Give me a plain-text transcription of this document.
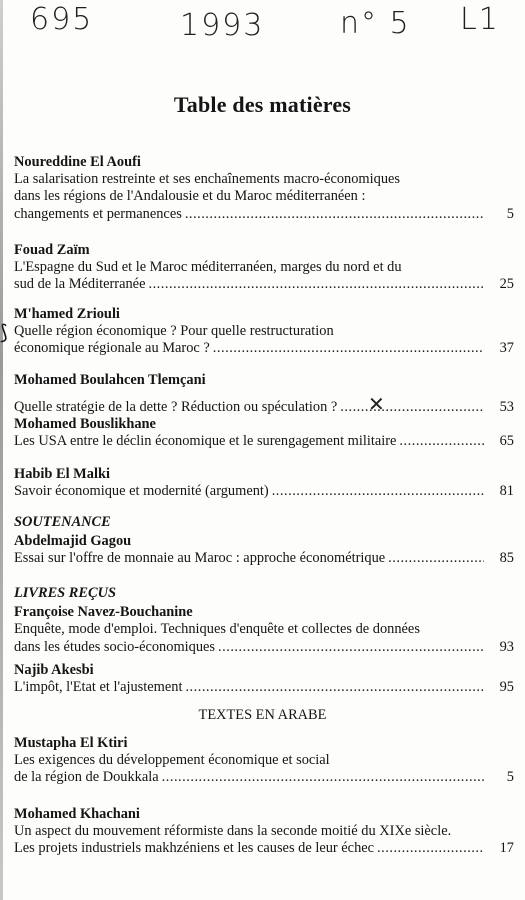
695	1993	n° 5 L1
⟆
Table des matières
Noureddine El Aoufi
La salarisation restreinte et ses enchaînements macro-économiques
dans les régions de l'Andalousie et du Maroc méditerranéen :
changements et permanences .....	5
Fouad Zaïm
L'Espagne du Sud et le Maroc méditerranéen, marges du nord et du
sud de la Méditerranée .....	25
M'hamed Zriouli
Quelle région économique ? Pour quelle restructuration
économique régionale au Maroc ? .....	37
Mohamed Boulahcen Tlemçani
Quelle stratégie de la dette ? Réduction ou spéculation ? .....	53
✕
Mohamed Bouslikhane
Les USA entre le déclin économique et le surengagement militaire .....	65
Habib El Malki
Savoir économique et modernité (argument) .....	81
SOUTENANCE
Abdelmajid Gagou
Essai sur l'offre de monnaie au Maroc : approche économétrique .....	85
LIVRES REÇUS
Françoise Navez-Bouchanine
Enquête, mode d'emploi. Techniques d'enquête et collectes de données
dans les études socio-économiques .....	93
Najib Akesbi
L'impôt, l'Etat et l'ajustement .....	95
TEXTES EN ARABE
Mustapha El Ktiri
Les exigences du développement économique et social
de la région de Doukkala .....	5
Mohamed Khachani
Un aspect du mouvement réformiste dans la seconde moitié du XIXe siècle.
Les projets industriels makhzéniens et les causes de leur échec .....	17
